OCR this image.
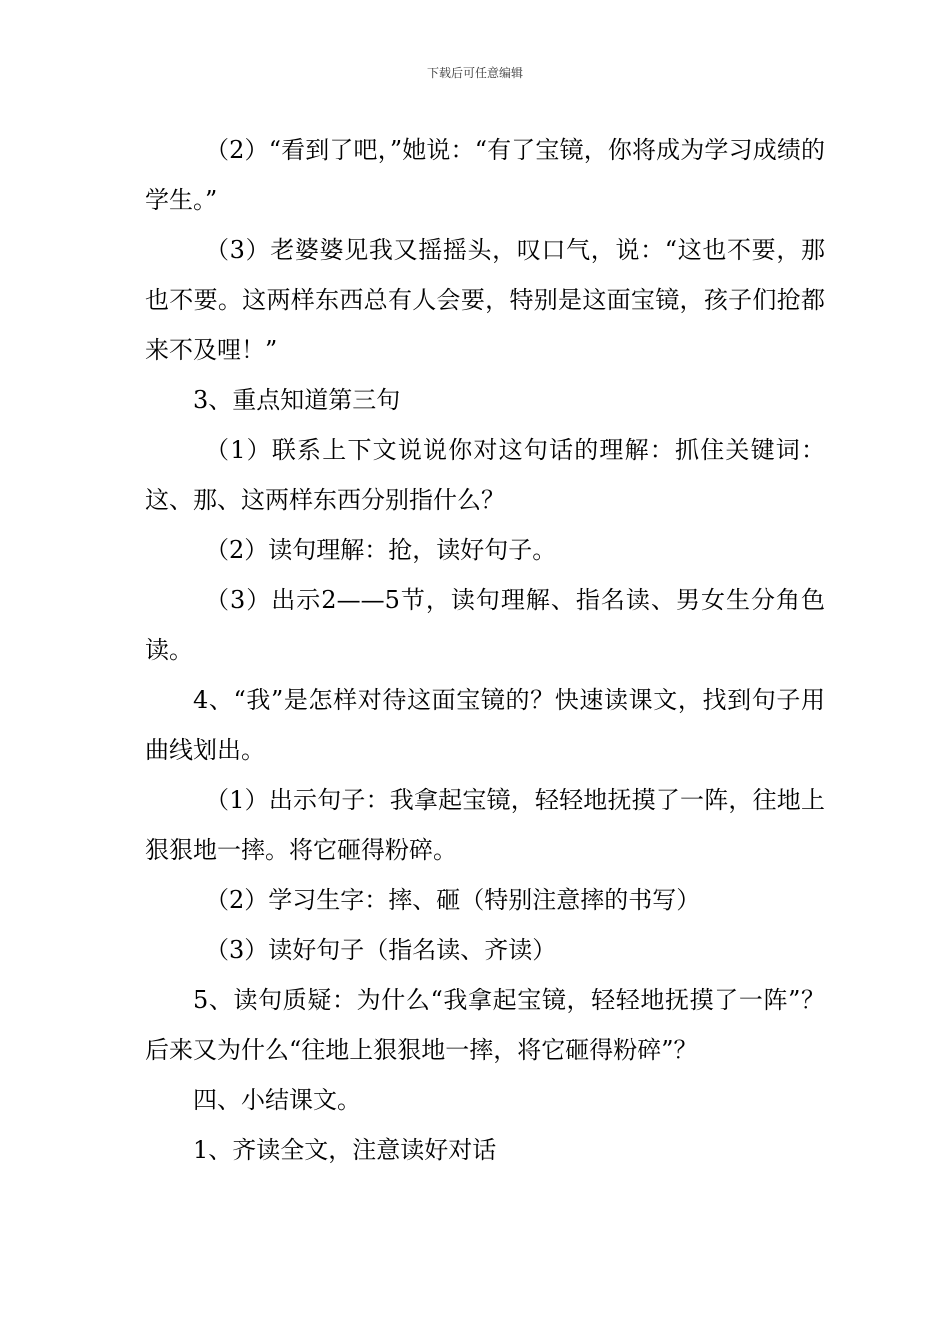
下载后可任意编辑

（2）“看到了吧，”她说：“有了宝镜，你将成为学习成绩的学生。”

（3）老婆婆见我又摇摇头，叹口气，说：“这也不要，那也不要。这两样东西总有人会要，特别是这面宝镜，孩子们抢都来不及哩！”

3、重点知道第三句

（1）联系上下文说说你对这句话的理解：抓住关键词：这、那、这两样东西分别指什么？

（2）读句理解：抢，读好句子。

（3）出示2——5节，读句理解、指名读、男女生分角色读。

4、“我”是怎样对待这面宝镜的？快速读课文，找到句子用曲线划出。

（1）出示句子：我拿起宝镜，轻轻地抚摸了一阵，往地上狠狠地一摔。将它砸得粉碎。

（2）学习生字：摔、砸（特别注意摔的书写）

（3）读好句子（指名读、齐读）

5、读句质疑：为什么“我拿起宝镜，轻轻地抚摸了一阵”？后来又为什么“往地上狠狠地一摔，将它砸得粉碎”？

四、小结课文。

1、齐读全文，注意读好对话
